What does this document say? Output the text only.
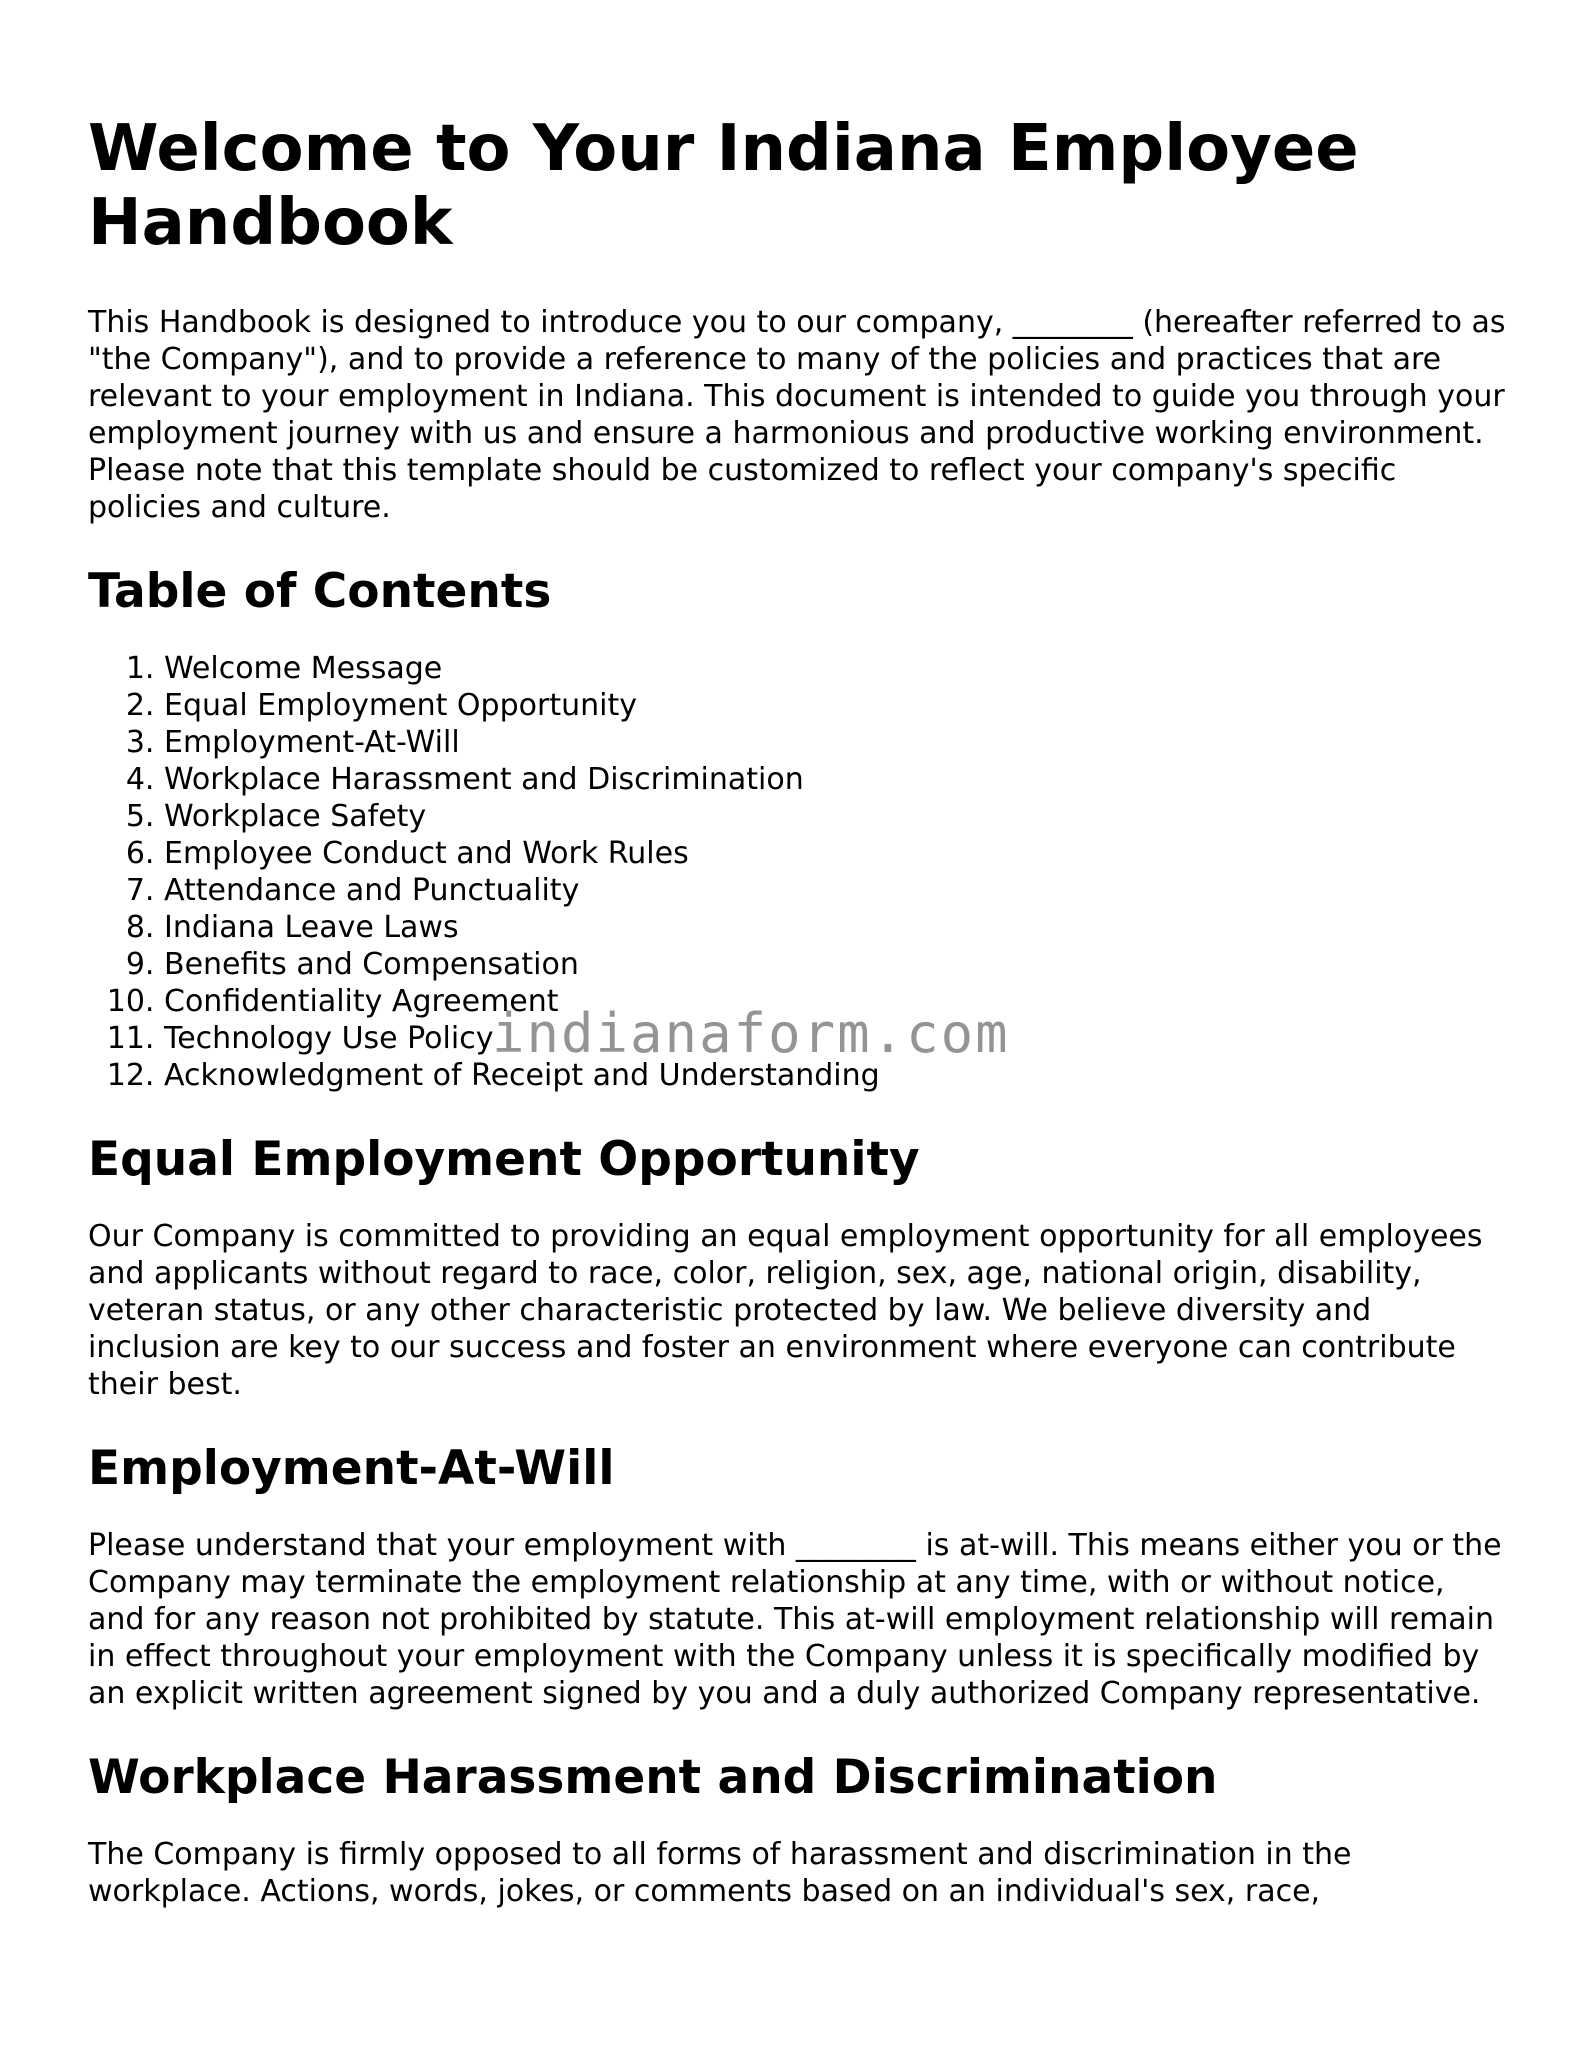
Welcome to Your Indiana Employee Handbook

This Handbook is designed to introduce you to our company, ________ (hereafter referred to as "the Company"), and to provide a reference to many of the policies and practices that are relevant to your employment in Indiana. This document is intended to guide you through your employment journey with us and ensure a harmonious and productive working environment. Please note that this template should be customized to reflect your company's specific policies and culture.

Table of Contents
1. Welcome Message
2. Equal Employment Opportunity
3. Employment-At-Will
4. Workplace Harassment and Discrimination
5. Workplace Safety
6. Employee Conduct and Work Rules
7. Attendance and Punctuality
8. Indiana Leave Laws
9. Benefits and Compensation
10. Confidentiality Agreement
11. Technology Use Policy
12. Acknowledgment of Receipt and Understanding
Equal Employment Opportunity

Our Company is committed to providing an equal employment opportunity for all employees and applicants without regard to race, color, religion, sex, age, national origin, disability, veteran status, or any other characteristic protected by law. We believe diversity and inclusion are key to our success and foster an environment where everyone can contribute their best.

Employment-At-Will

Please understand that your employment with ________ is at-will. This means either you or the Company may terminate the employment relationship at any time, with or without notice, and for any reason not prohibited by statute. This at-will employment relationship will remain in effect throughout your employment with the Company unless it is specifically modified by an explicit written agreement signed by you and a duly authorized Company representative.

Workplace Harassment and Discrimination

The Company is firmly opposed to all forms of harassment and discrimination in the workplace. Actions, words, jokes, or comments based on an individual's sex, race,

indianaform.com
